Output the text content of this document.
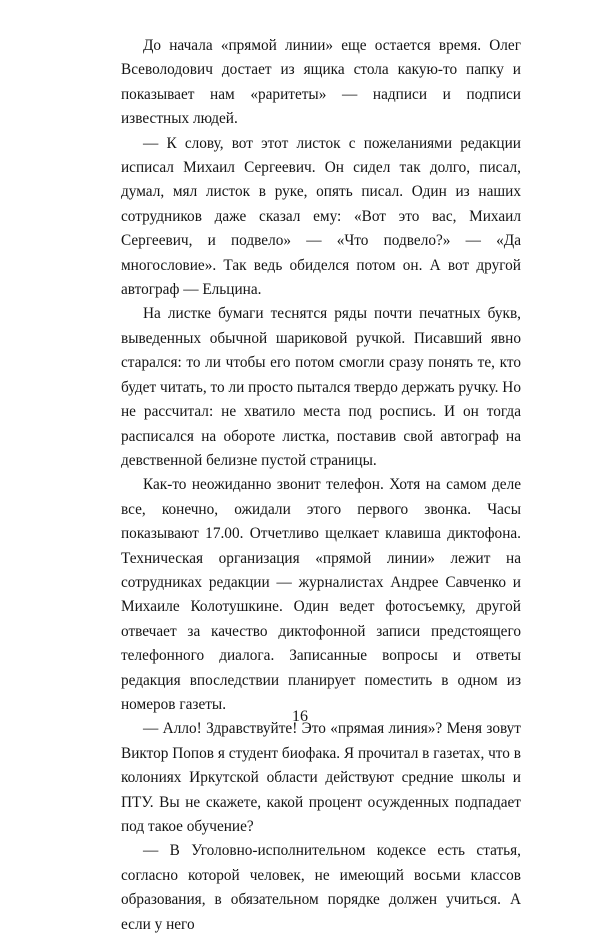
До начала «прямой линии» еще остается время. Олег Всеволодович достает из ящика стола какую-то папку и показывает нам «раритеты» — надписи и подписи известных людей.

— К слову, вот этот листок с пожеланиями редакции исписал Михаил Сергеевич. Он сидел так долго, писал, думал, мял листок в руке, опять писал. Один из наших сотрудников даже сказал ему: «Вот это вас, Михаил Сергеевич, и подвело» — «Что подвело?» — «Да многословие». Так ведь обиделся потом он. А вот другой автограф — Ельцина.

На листке бумаги теснятся ряды почти печатных букв, выведенных обычной шариковой ручкой. Писавший явно старался: то ли чтобы его потом смогли сразу понять те, кто будет читать, то ли просто пытался твердо держать ручку. Но не рассчитал: не хватило места под роспись. И он тогда расписался на обороте листка, поставив свой автограф на девственной белизне пустой страницы.

Как-то неожиданно звонит телефон. Хотя на самом деле все, конечно, ожидали этого первого звонка. Часы показывают 17.00. Отчетливо щелкает клавиша диктофона. Техническая организация «прямой линии» лежит на сотрудниках редакции — журналистах Андрее Савченко и Михаиле Колотушкине. Один ведет фотосъемку, другой отвечает за качество диктофонной записи предстоящего телефонного диалога. Записанные вопросы и ответы редакция впоследствии планирует поместить в одном из номеров газеты.

— Алло! Здравствуйте! Это «прямая линия»? Меня зовут Виктор Попов я студент биофака. Я прочитал в газетах, что в колониях Иркутской области действуют средние школы и ПТУ. Вы не скажете, какой процент осужденных подпадает под такое обучение?

— В Уголовно-исполнительном кодексе есть статья, согласно которой человек, не имеющий восьми классов образования, в обязательном порядке должен учиться. А если у него

16
